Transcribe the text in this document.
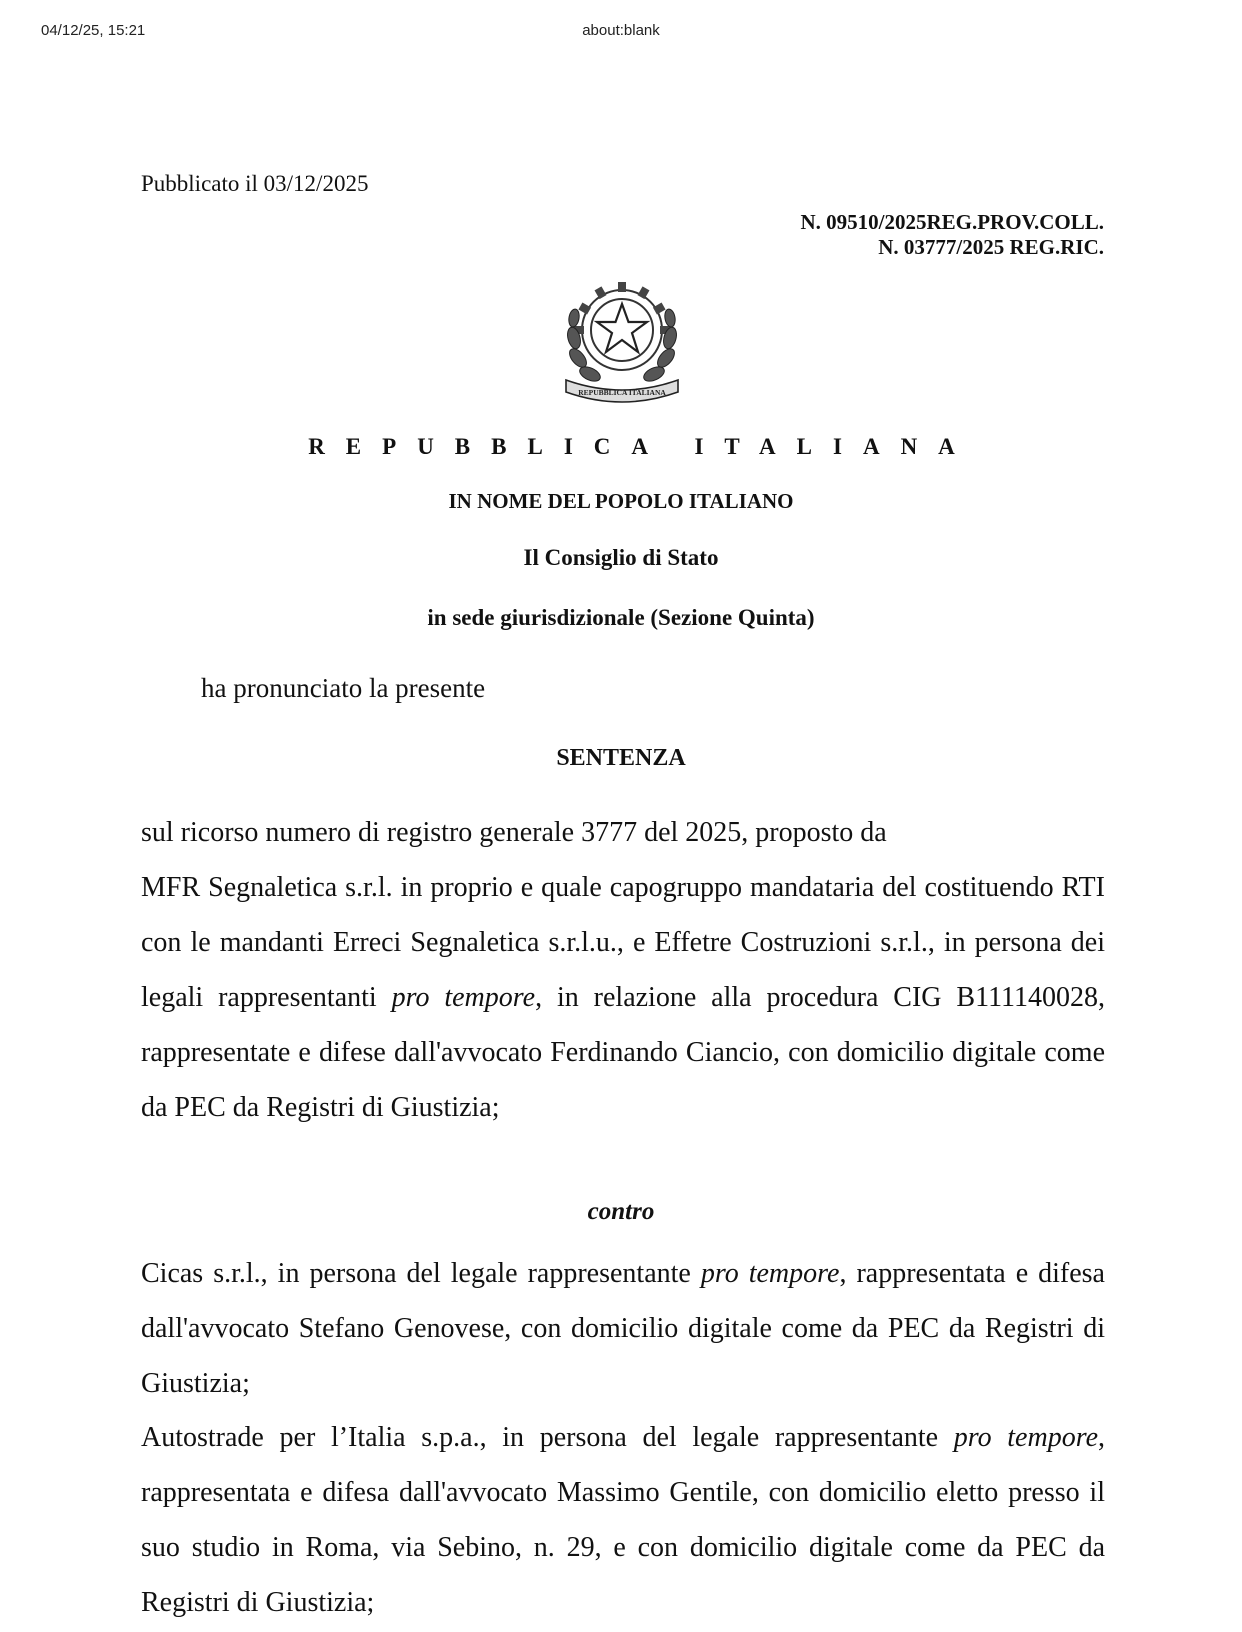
04/12/25, 15:21	about:blank
Pubblicato il 03/12/2025
N. 09510/2025REG.PROV.COLL.
N. 03777/2025 REG.RIC.
REPUBBLICA ITALIANA
REPUBBLICA ITALIANA
IN NOME DEL POPOLO ITALIANO
Il Consiglio di Stato
in sede giurisdizionale (Sezione Quinta)
ha pronunciato la presente
SENTENZA
sul ricorso numero di registro generale 3777 del 2025, proposto da
MFR Segnaletica s.r.l. in proprio e quale capogruppo mandataria del costituendo RTI con le mandanti Erreci Segnaletica s.r.l.u., e Effetre Costruzioni s.r.l., in persona dei legali rappresentanti pro tempore, in relazione alla procedura CIG B111140028, rappresentate e difese dall'avvocato Ferdinando Ciancio, con domicilio digitale come da PEC da Registri di Giustizia;
contro
Cicas s.r.l., in persona del legale rappresentante pro tempore, rappresentata e difesa dall'avvocato Stefano Genovese, con domicilio digitale come da PEC da Registri di Giustizia;
Autostrade per l’Italia s.p.a., in persona del legale rappresentante pro tempore, rappresentata e difesa dall'avvocato Massimo Gentile, con domicilio eletto presso il suo studio in Roma, via Sebino, n. 29, e con domicilio digitale come da PEC da Registri di Giustizia;
